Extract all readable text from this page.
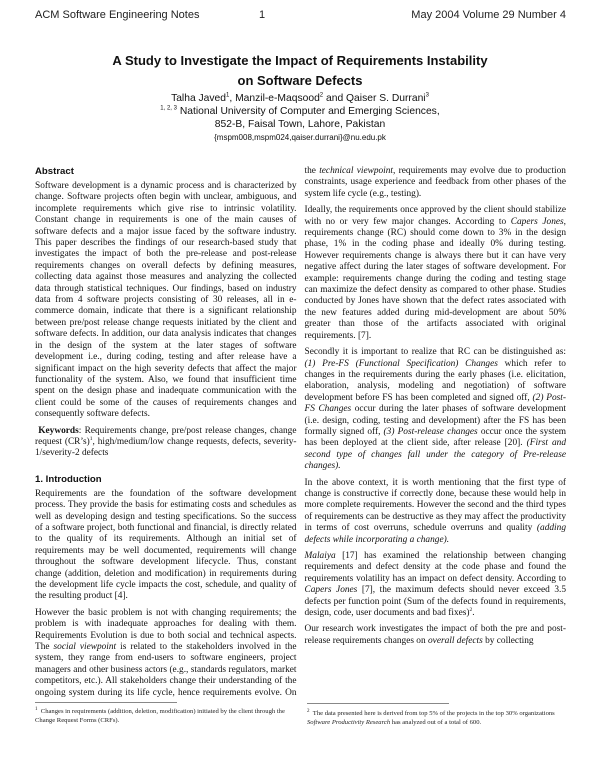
ACM Software Engineering Notes	1	May 2004 Volume 29 Number 4
A Study to Investigate the Impact of Requirements Instability
on Software Defects
Talha Javed$^1$, Manzil-e-Maqsood$^2$ and Qaiser S. Durrani$^3$
$^{1, 2, 3}$ National University of Computer and Emerging Sciences,
852-B, Faisal Town, Lahore, Pakistan
{mspm008,mspm024,qaiser.durrani}@nu.edu.pk
Abstract

Software development is a dynamic process and is characterized by change. Software projects often begin with unclear, ambiguous, and incomplete requirements which give rise to intrinsic volatility. Constant change in requirements is one of the main causes of software defects and a major issue faced by the software industry. This paper describes the findings of our research-based study that investigates the impact of both the pre-release and post-release requirements changes on overall defects by defining measures, collecting data against those measures and analyzing the collected data through statistical techniques. Our findings, based on industry data from 4 software projects consisting of 30 releases, all in e-commerce domain, indicate that there is a significant relationship between pre/post release change requests initiated by the client and software defects. In addition, our data analysis indicates that changes in the design of the system at the later stages of software development i.e., during coding, testing and after release have a significant impact on the high severity defects that affect the major functionality of the system. Also, we found that insufficient time spent on the design phase and inadequate communication with the client could be some of the causes of requirements changes and consequently software defects.

Keywords: Requirements change, pre/post release changes, change request (CR’s)$^1$, high/medium/low change requests, defects, severity-1/severity-2 defects

1. Introduction

Requirements are the foundation of the software development process. They provide the basis for estimating costs and schedules as well as developing design and testing specifications. So the success of a software project, both functional and financial, is directly related to the quality of its requirements. Although an initial set of requirements may be well documented, requirements will change throughout the software development lifecycle. Thus, constant change (addition, deletion and modification) in requirements during the development life cycle impacts the cost, schedule, and quality of the resulting product [4].

However the basic problem is not with changing requirements; the problem is with inadequate approaches for dealing with them. Requirements Evolution is due to both social and technical aspects. The social viewpoint is related to the stakeholders involved in the system, they range from end-users to software engineers, project managers and other business actors (e.g., standards regulators, market competitors, etc.). All stakeholders change their understanding of the ongoing system during its life cycle, hence requirements evolve. On the technical viewpoint, requirements may evolve due to production constraints, usage experience and feedback from other phases of the system life cycle (e.g., testing).

Ideally, the requirements once approved by the client should stabilize with no or very few major changes. According to Capers Jones, requirements change (RC) should come down to 3% in the design phase, 1% in the coding phase and ideally 0% during testing. However requirements change is always there but it can have very negative affect during the later stages of software development. For example: requirements change during the coding and testing stage can maximize the defect density as compared to other phase. Studies conducted by Jones have shown that the defect rates associated with the new features added during mid-development are about 50% greater than those of the artifacts associated with original requirements. [7].

Secondly it is important to realize that RC can be distinguished as: (1) Pre-FS (Functional Specification) Changes which refer to changes in the requirements during the early phases (i.e. elicitation, elaboration, analysis, modeling and negotiation) of software development before FS has been completed and signed off, (2) Post-FS Changes occur during the later phases of software development (i.e. design, coding, testing and development) after the FS has been formally signed off, (3) Post-release changes occur once the system has been deployed at the client side, after release [20]. (First and second type of changes fall under the category of Pre-release changes).

In the above context, it is worth mentioning that the first type of change is constructive if correctly done, because these would help in more complete requirements. However the second and the third types of requirements can be destructive as they may affect the productivity in terms of cost overruns, schedule overruns and quality (adding defects while incorporating a change).

Malaiya [17] has examined the relationship between changing requirements and defect density at the code phase and found the requirements volatility has an impact on defect density. According to Capers Jones [7], the maximum defects should never exceed 3.5 defects per function point (Sum of the defects found in requirements, design, code, user documents and bad fixes)$^2$.

Our research work investigates the impact of both the pre and post-release requirements changes on overall defects by collecting

$^1$ Changes in requirements (addition, deletion, modification) initiated by the client through the Change Request Forms (CRFs).
$^2$ The data presented here is derived from top 5% of the projects in the top 30% organizations Software Productivity Research has analyzed out of a total of 600.
